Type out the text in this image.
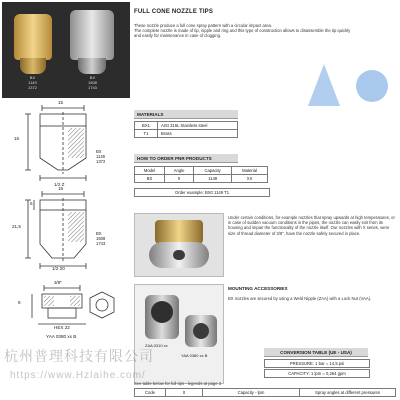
BX
1149
1372
BX
1508
1743
FULL CONE NOZZLE TIPS

These nozzle produce a full cone spray pattern with a circular impact area.

The complete nozzle is made of tip, nipple and ring and this type of construction allows to disassemble the tip quickly

and easily for maintenance in case of clogging.

15
16
1/2 Z
BX
1149
1372
15
5
21,5
1/2 20
BX
1508
1743
3/8"
8
HEX 22
YAA 0380 xx B
MATERIALS
BX1	AISI 316L Stainless steel
T1	Brass
HOW TO ORDER PNR PRODUCTS
Model	Angle	Capacity	Material
BX	0	1149	XX
Order example: BX0 1149 T1
Under certain conditions, for example nozzles that spray upwards at high temperatures, or in case of sudden vacuum conditions in the pipes, the nozzle can easily exit from its housing and impair the functionality of the nozzle itself. Our nozzles with X series, were size of thread diameter of 3/8", have the nozzle safely secured in place.
ZAA 0310 xx
YAA 0380 xx B
MOUNTING ACCESSORIES
BX nozzles are secured by using a Weld Nipple (ZAA) with a Lock Nut (VAA).
CONVERSION TABLE (UE - USA)
PRESSURE: 1 bar = 14,5 psi
CAPACITY: 1 lpm = 0,264 gpm
See table below for full tips - legends at page 3
Code	0	Capacity - lpm	Spray angles at different pressures
杭州普理科技有限公司
https://www.Hzlaihe.com/
